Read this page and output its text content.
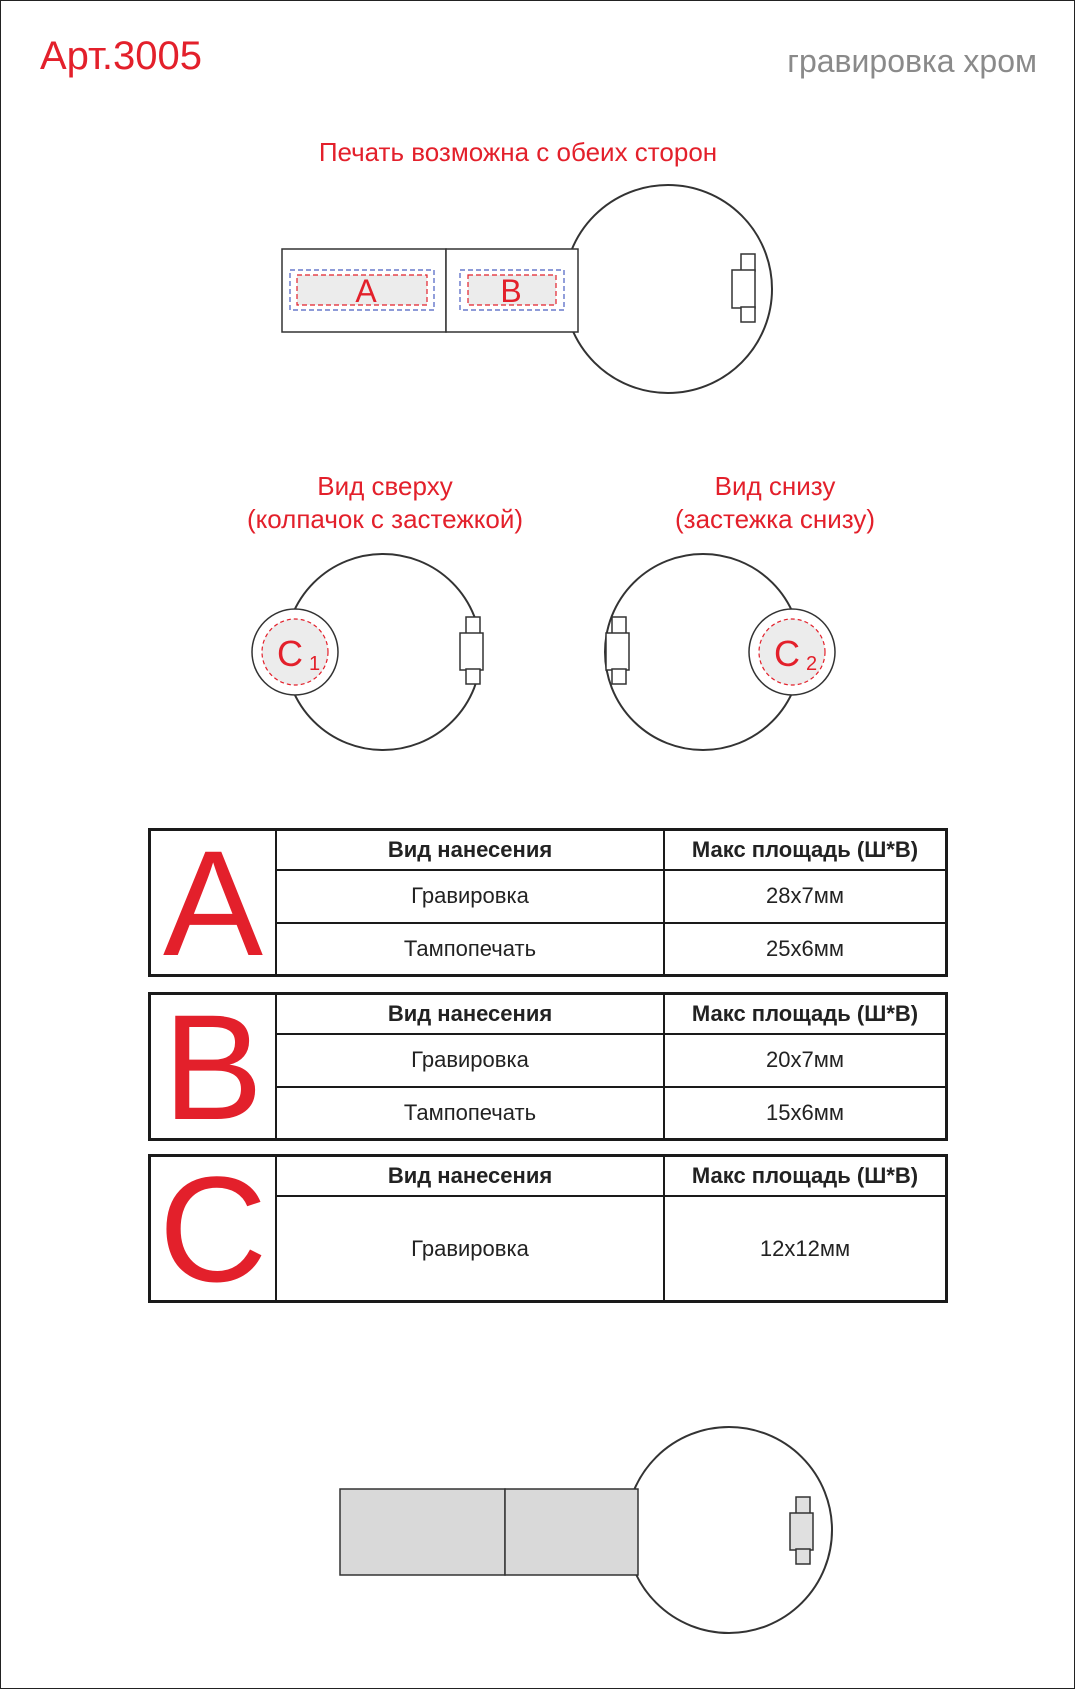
Арт.3005	гравировка хром
Печать возможна с обеих сторон
Вид сверху
(колпачок с застежкой)
Вид снизу
(застежка снизу)
A	B
C 1	C 2
A	Вид нанесения	Макс площадь (Ш*В)
Гравировка	28x7мм
Тампопечать	25x6мм
B	Вид нанесения	Макс площадь (Ш*В)
Гравировка	20x7мм
Тампопечать	15x6мм
C	Вид нанесения	Макс площадь (Ш*В)
Гравировка	12x12мм
